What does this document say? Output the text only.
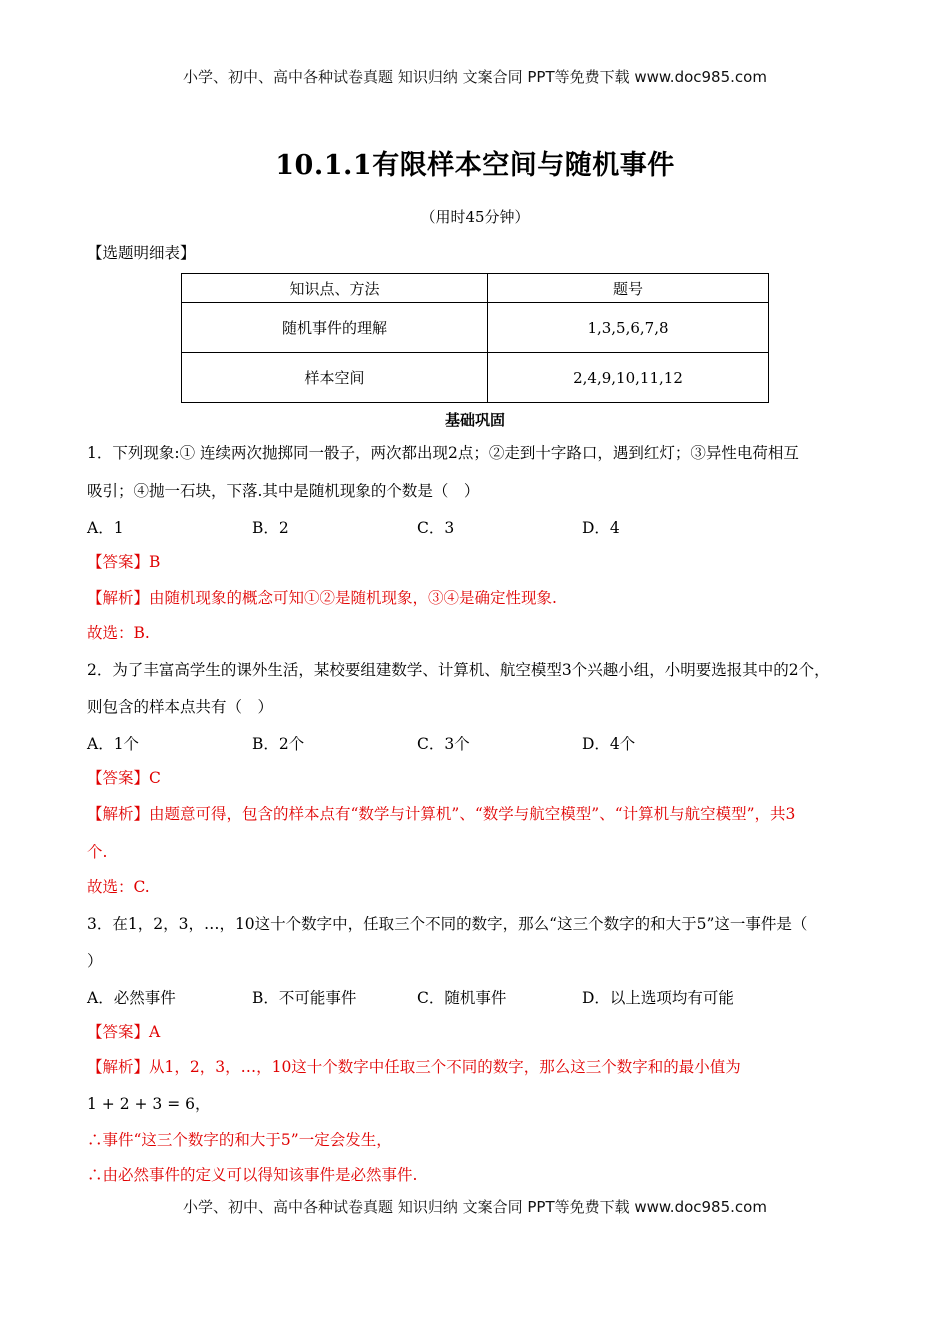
小学、初中、高中各种试卷真题 知识归纳 文案合同 PPT等免费下载 www.doc985.com
10.1.1有限样本空间与随机事件
（用时45分钟）
【选题明细表】
知识点、方法	题号
随机事件的理解	1,3,5,6,7,8
样本空间	2,4,9,10,11,12
基础巩固
1．下列现象:① 连续两次抛掷同一骰子，两次都出现2点；②走到十字路口，遇到红灯；③异性电荷相互
吸引；④抛一石块，下落.其中是随机现象的个数是（　）
A．1	B．2	C．3	D．4
【答案】B
【解析】由随机现象的概念可知①②是随机现象，③④是确定性现象.
故选：B.
2．为了丰富高学生的课外生活，某校要组建数学、计算机、航空模型3个兴趣小组，小明要选报其中的2个，
则包含的样本点共有（　）
A．1个	B．2个	C．3个	D．4个
【答案】C
【解析】由题意可得，包含的样本点有“数学与计算机”、“数学与航空模型”、“计算机与航空模型”，共3
个.
故选：C.
3．在1，2，3，…，10这十个数字中，任取三个不同的数字，那么“这三个数字的和大于5”这一事件是（
）
A．必然事件	B．不可能事件	C．随机事件	D．以上选项均有可能
【答案】A
【解析】从1，2，3，…，10这十个数字中任取三个不同的数字，那么这三个数字和的最小值为
1 + 2 + 3 = 6，
∴事件“这三个数字的和大于5”一定会发生，
∴由必然事件的定义可以得知该事件是必然事件.
小学、初中、高中各种试卷真题 知识归纳 文案合同 PPT等免费下载 www.doc985.com
